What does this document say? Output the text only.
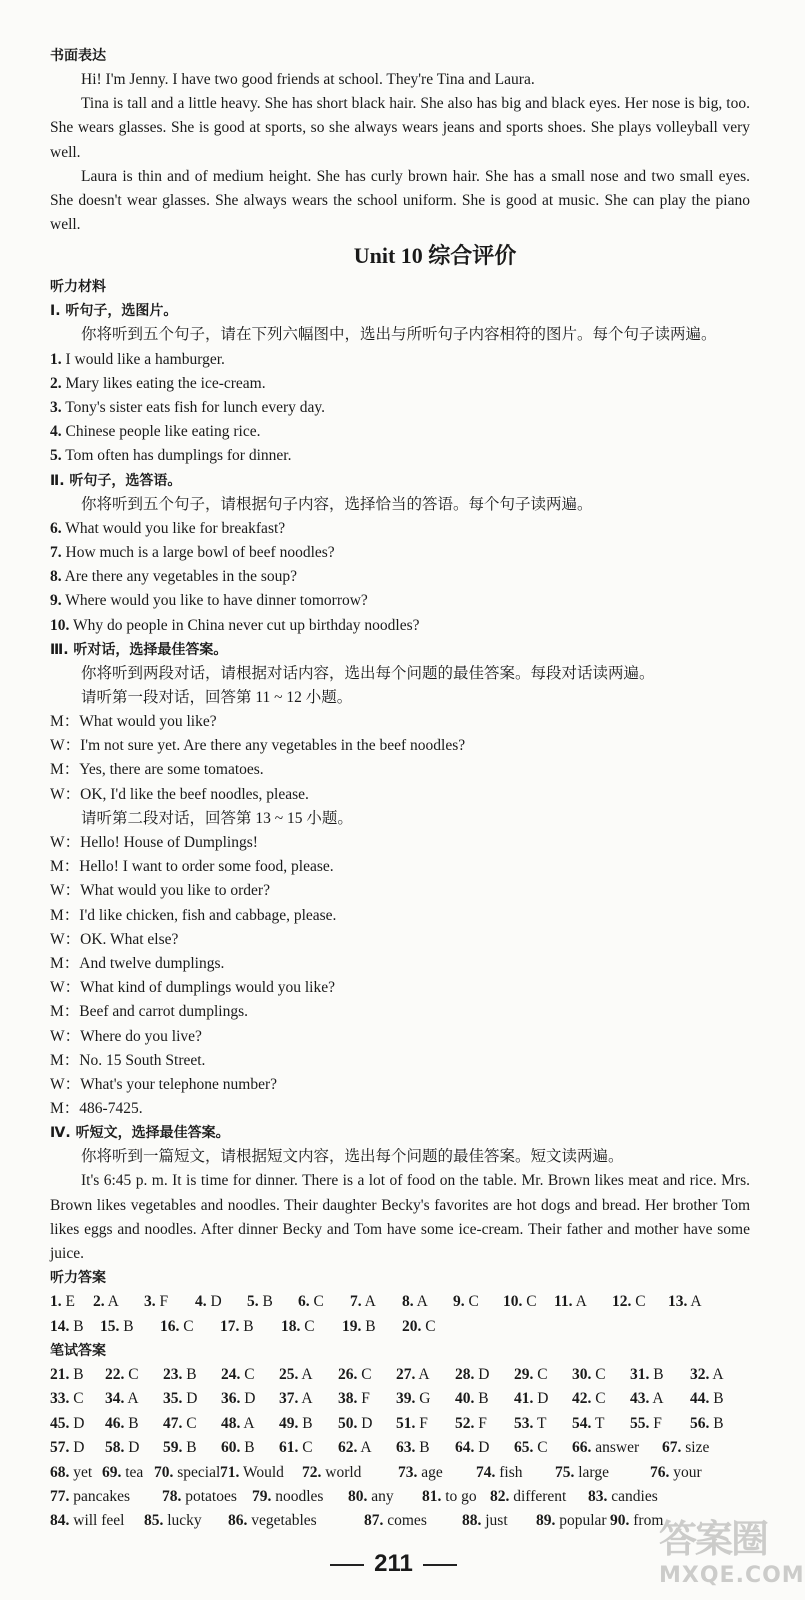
书面表达
Hi! I'm Jenny. I have two good friends at school. They're Tina and Laura.
Tina is tall and a little heavy. She has short black hair. She also has big and black eyes. Her nose is big, too. She wears glasses. She is good at sports, so she always wears jeans and sports shoes. She plays volleyball very well.
Laura is thin and of medium height. She has curly brown hair. She has a small nose and two small eyes. She doesn't wear glasses. She always wears the school uniform. She is good at music. She can play the piano well.
Unit 10 综合评价
听力材料
Ⅰ. 听句子，选图片。
你将听到五个句子，请在下列六幅图中，选出与所听句子内容相符的图片。每个句子读两遍。
1. I would like a hamburger.
2. Mary likes eating the ice-cream.
3. Tony's sister eats fish for lunch every day.
4. Chinese people like eating rice.
5. Tom often has dumplings for dinner.
Ⅱ. 听句子，选答语。
你将听到五个句子，请根据句子内容，选择恰当的答语。每个句子读两遍。
6. What would you like for breakfast?
7. How much is a large bowl of beef noodles?
8. Are there any vegetables in the soup?
9. Where would you like to have dinner tomorrow?
10. Why do people in China never cut up birthday noodles?
Ⅲ. 听对话，选择最佳答案。
你将听到两段对话，请根据对话内容，选出每个问题的最佳答案。每段对话读两遍。
请听第一段对话，回答第 11 ~ 12 小题。
M：What would you like?
W：I'm not sure yet. Are there any vegetables in the beef noodles?
M：Yes, there are some tomatoes.
W：OK, I'd like the beef noodles, please.
请听第二段对话，回答第 13 ~ 15 小题。
W：Hello! House of Dumplings!
M：Hello! I want to order some food, please.
W：What would you like to order?
M：I'd like chicken, fish and cabbage, please.
W：OK. What else?
M：And twelve dumplings.
W：What kind of dumplings would you like?
M：Beef and carrot dumplings.
W：Where do you live?
M：No. 15 South Street.
W：What's your telephone number?
M：486-7425.
Ⅳ. 听短文，选择最佳答案。
你将听到一篇短文，请根据短文内容，选出每个问题的最佳答案。短文读两遍。
It's 6:45 p. m. It is time for dinner. There is a lot of food on the table. Mr. Brown likes meat and rice. Mrs. Brown likes vegetables and noodles. Their daughter Becky's favorites are hot dogs and bread. Her brother Tom likes eggs and noodles. After dinner Becky and Tom have some ice-cream. Their father and mother have some juice.
听力答案
1. E 2. A 3. F 4. D 5. B 6. C 7. A 8. A 9. C 10. C 11. A 12. C 13. A
14. B 15. B 16. C 17. B 18. C 19. B 20. C
笔试答案
21. B 22. C 23. B 24. C 25. A 26. C 27. A 28. D 29. C 30. C 31. B 32. A
33. C 34. A 35. D 36. D 37. A 38. F 39. G 40. B 41. D 42. C 43. A 44. B
45. D 46. B 47. C 48. A 49. B 50. D 51. F 52. F 53. T 54. T 55. F 56. B
57. D 58. D 59. B 60. B 61. C 62. A 63. B 64. D 65. C 66. answer 67. size
68. yet 69. tea 70. special 71. Would 72. world 73. age 74. fish 75. large	76. your
77. pancakes 78. potatoes 79. noodles 80. any 81. to go 82. different 83. candies
84. will feel 85. lucky 86. vegetables	87. comes 88. just 89. popular 90. from
211
答案圈
MXQE.COM
